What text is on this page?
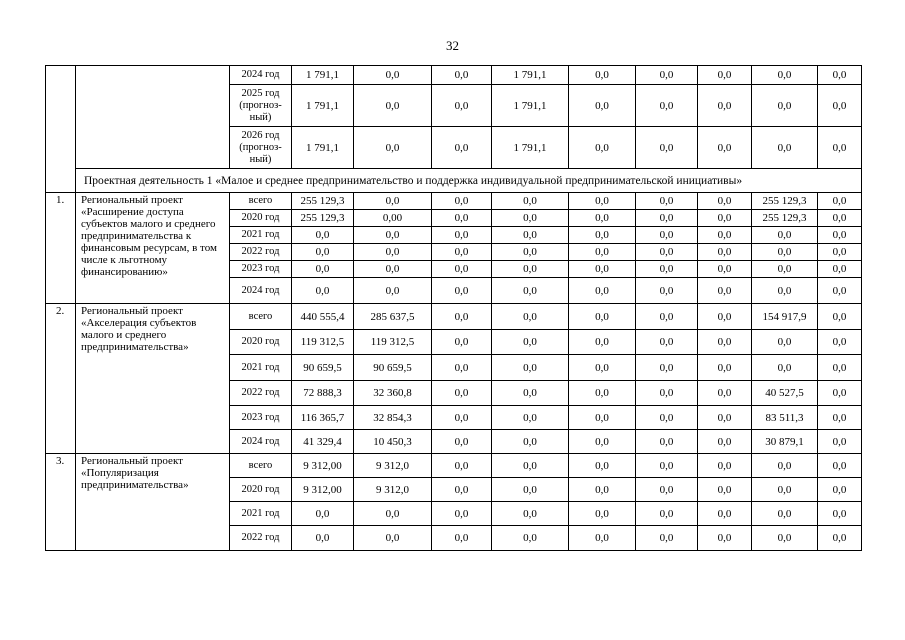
32
		2024 год	1 791,1	0,0	0,0	1 791,1	0,0	0,0	0,0	0,0	0,0
		2025 год (прогноз-ный)	1 791,1	0,0	0,0	1 791,1	0,0	0,0	0,0	0,0	0,0
		2026 год (прогноз-ный)	1 791,1	0,0	0,0	1 791,1	0,0	0,0	0,0	0,0	0,0
	Проектная деятельность 1 «Малое и среднее предпринимательство и поддержка индивидуальной предпринимательской инициативы»										
1.	Региональный проект «Расширение доступа субъектов малого и среднего предпринимательства к финансовым ресурсам, в том числе к льготному финансированию»	всего	255 129,3	0,0	0,0	0,0	0,0	0,0	0,0	255 129,3	0,0
		2020 год	255 129,3	0,00	0,0	0,0	0,0	0,0	0,0	255 129,3	0,0
		2021 год	0,0	0,0	0,0	0,0	0,0	0,0	0,0	0,0	0,0
		2022 год	0,0	0,0	0,0	0,0	0,0	0,0	0,0	0,0	0,0
		2023 год	0,0	0,0	0,0	0,0	0,0	0,0	0,0	0,0	0,0
		2024 год	0,0	0,0	0,0	0,0	0,0	0,0	0,0	0,0	0,0
2.	Региональный проект «Акселерация субъектов малого и среднего предпринимательства»	всего	440 555,4	285 637,5	0,0	0,0	0,0	0,0	0,0	154 917,9	0,0
		2020 год	119 312,5	119 312,5	0,0	0,0	0,0	0,0	0,0	0,0	0,0
		2021 год	90 659,5	90 659,5	0,0	0,0	0,0	0,0	0,0	0,0	0,0
		2022 год	72 888,3	32 360,8	0,0	0,0	0,0	0,0	0,0	40 527,5	0,0
		2023 год	116 365,7	32 854,3	0,0	0,0	0,0	0,0	0,0	83 511,3	0,0
		2024 год	41 329,4	10 450,3	0,0	0,0	0,0	0,0	0,0	30 879,1	0,0
3.	Региональный проект «Популяризация предпринимательства»	всего	9 312,00	9 312,0	0,0	0,0	0,0	0,0	0,0	0,0	0,0
		2020 год	9 312,00	9 312,0	0,0	0,0	0,0	0,0	0,0	0,0	0,0
		2021 год	0,0	0,0	0,0	0,0	0,0	0,0	0,0	0,0	0,0
		2022 год	0,0	0,0	0,0	0,0	0,0	0,0	0,0	0,0	0,0
